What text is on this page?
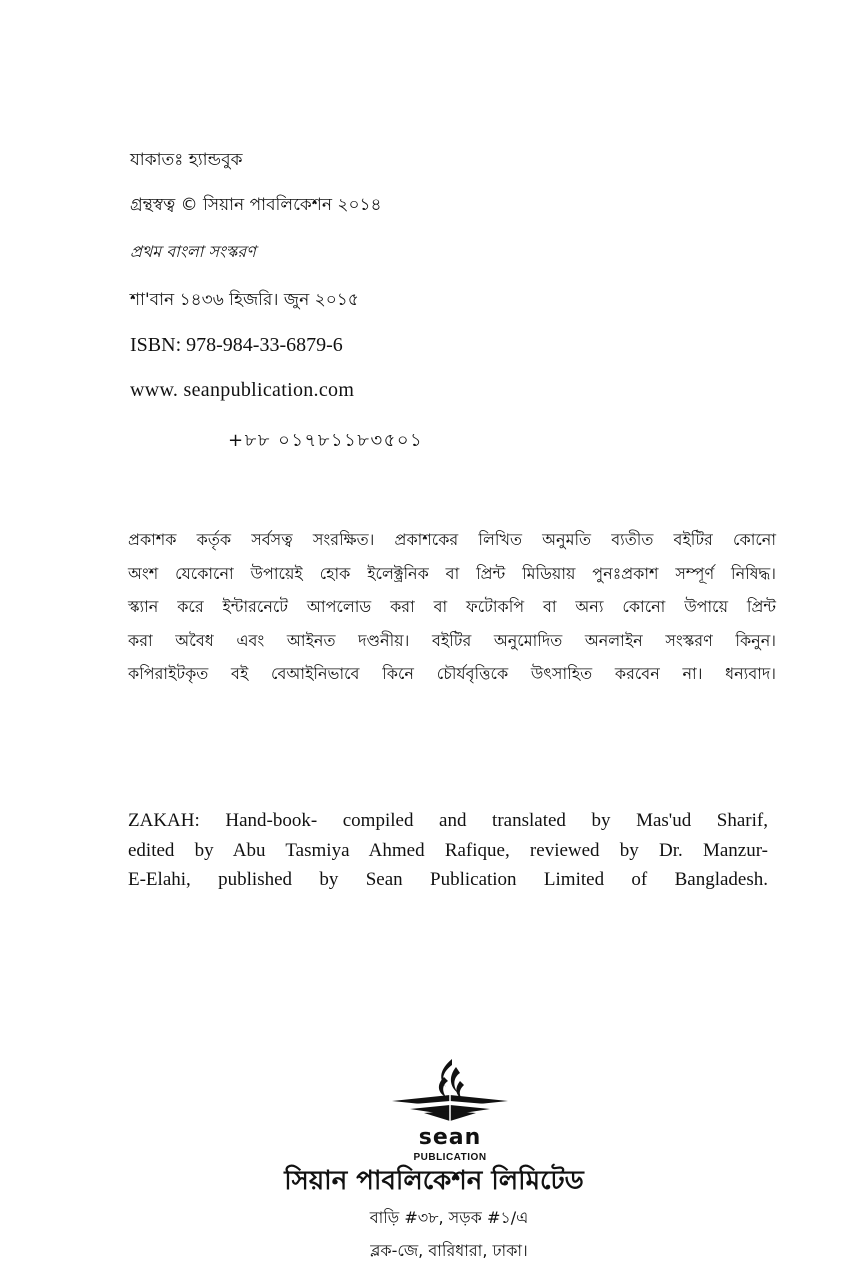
যাকাতঃ হ্যান্ডবুক
গ্রন্থস্বত্ব © সিয়ান পাবলিকেশন ২০১৪
প্রথম বাংলা সংস্করণ
শা'বান ১৪৩৬ হিজরি। জুন ২০১৫
ISBN: 978-984-33-6879-6
www. seanpublication.com
+৮৮ ০১৭৮১১৮৩৫০১
প্রকাশক কর্তৃক সর্বসত্ব সংরক্ষিত। প্রকাশকের লিখিত অনুমতি ব্যতীত বইটির কোনো
অংশ যেকোনো উপায়েই হোক ইলেক্ট্রনিক বা প্রিন্ট মিডিয়ায় পুনঃপ্রকাশ সম্পূর্ণ নিষিদ্ধ।
স্ক্যান করে ইন্টারনেটে আপলোড করা বা ফটোকপি বা অন্য কোনো উপায়ে প্রিন্ট
করা অবৈধ এবং আইনত দণ্ডনীয়। বইটির অনুমোদিত অনলাইন সংস্করণ কিনুন।
কপিরাইটকৃত বই বেআইনিভাবে কিনে চৌর্যবৃত্তিকে উৎসাহিত করবেন না। ধন্যবাদ।
ZAKAH: Hand-book- compiled and translated by Mas'ud Sharif,
edited by Abu Tasmiya Ahmed Rafique, reviewed by Dr. Manzur-
E-Elahi, published by Sean Publication Limited of Bangladesh.
sean
PUBLICATION
সিয়ান পাবলিকেশন লিমিটেড
বাড়ি #৩৮, সড়ক #১/এ
ব্লক-জে, বারিধারা, ঢাকা।
